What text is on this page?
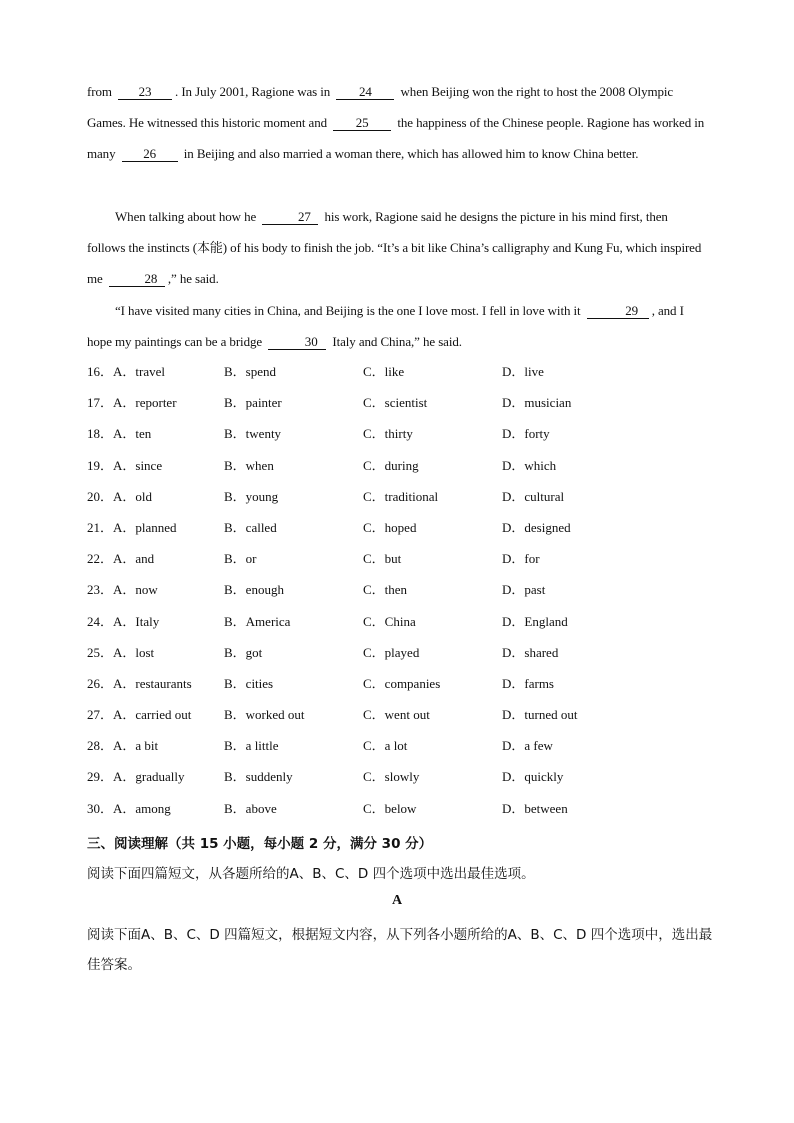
from 23 . In July 2001, Ragione was in 24 when Beijing won the right to host the 2008 Olympic Games. He witnessed this historic moment and 25 the happiness of the Chinese people. Ragione has worked in many 26 in Beijing and also married a woman there, which has allowed him to know China better.
When talking about how he	27 his work, Ragione said he designs the picture in his mind first, then follows the instincts (本能) of his body to finish the job. “It’s a bit like China’s calligraphy and Kung Fu, which inspired me	28 ,” he said.
“I have visited many cities in China, and Beijing is the one I love most. I fell in love with it	29 , and I hope my paintings can be a bridge	30 Italy and China,” he said.
16．A．travel	B．spend	C．like	D．live
17．A．reporter	B．painter	C．scientist	D．musician
18．A．ten	B．twenty	C．thirty	D．forty
19．A．since	B．when	C．during	D．which
20．A．old	B．young	C．traditional	D．cultural
21．A．planned	B．called	C．hoped	D．designed
22．A．and	B．or	C．but	D．for
23．A．now	B．enough	C．then	D．past
24．A．Italy	B．America	C．China	D．England
25．A．lost	B．got	C．played	D．shared
26．A．restaurants B．cities	C．companies	D．farms
27．A．carried out	B．worked out	C．went out	D．turned out
28．A．a bit	B．a little	C．a lot	D．a few
29．A．gradually	B．suddenly	C．slowly	D．quickly
30．A．among	B．above	C．below	D．between
三、阅读理解（共 15 小题，每小题 2 分，满分 30 分）
阅读下面四篇短文，从各题所给的A、B、C、D 四个选项中选出最佳选项。
A
阅读下面A、B、C、D 四篇短文，根据短文内容，从下列各小题所给的A、B、C、D 四个选项中，选出最佳答案。
